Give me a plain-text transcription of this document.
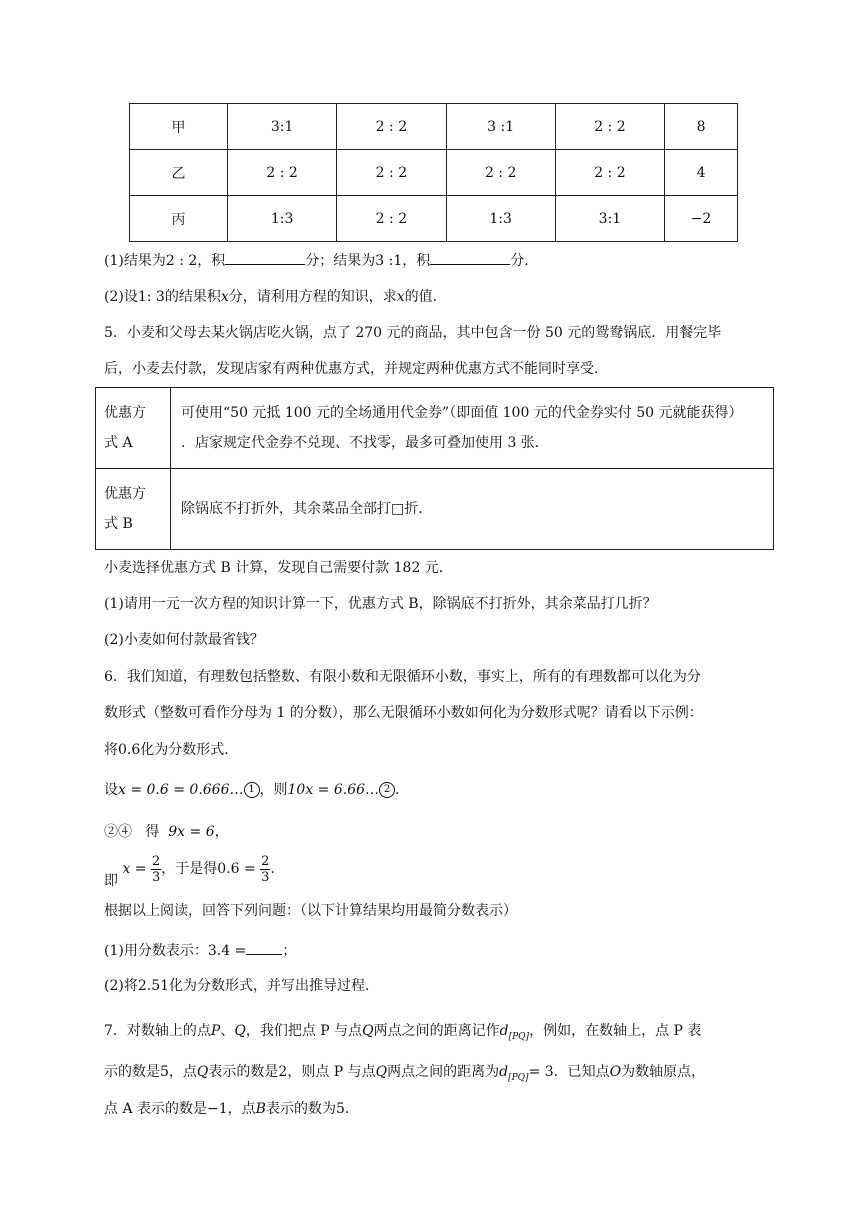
甲	3:1	2 : 2	3 :1	2 : 2	8
乙	2 : 2	2 : 2	2 : 2	2 : 2	4
丙	1:3	2 : 2	1:3	3:1	−2
(1)结果为2 : 2，积	分；结果为3 :1，积	分.
(2)设1: 3的结果积x分，请利用方程的知识，求x的值.
5．小麦和父母去某火锅店吃火锅，点了 270 元的商品，其中包含一份 50 元的鸳鸯锅底．用餐完毕
后，小麦去付款，发现店家有两种优惠方式，并规定两种优惠方式不能同时享受．
优惠方
式 A	可使用“50 元抵 100 元的全场通用代金券”（即面值 100 元的代金券实付 50 元就能获得）
．店家规定代金券不兑现、不找零，最多可叠加使用 3 张．
优惠方
式 B	除锅底不打折外，其余菜品全部打□折．
小麦选择优惠方式 B 计算，发现自己需要付款 182 元．
(1)请用一元一次方程的知识计算一下，优惠方式 B，除锅底不打折外，其余菜品打几折？
(2)小麦如何付款最省钱？
6．我们知道，有理数包括整数、有限小数和无限循环小数，事实上，所有的有理数都可以化为分
数形式（整数可看作分母为 1 的分数），那么无限循环小数如何化为分数形式呢？请看以下示例：
将0.6化为分数形式．
设x = 0.6 = 0.666… 1 ，则10x = 6.66… 2 .
②④ 得 9x = 6，
即 $x = \frac{2}{3}$ ，于是得$0.6 = \frac{2}{3}$ ．
根据以上阅读，回答下列问题：（以下计算结果均用最简分数表示）
(1)用分数表示：3.4 =	；
(2)将2.51化为分数形式，并写出推导过程．
7．对数轴上的点P、Q，我们把点 P 与点Q两点之间的距离记作$d_{[PQ]}$，例如，在数轴上，点 P 表
示的数是5，点Q表示的数是2，则点 P 与点Q两点之间的距离为$d_{[PQ]}= 3$．已知点O为数轴原点，
点 A 表示的数是−1，点B表示的数为5．
